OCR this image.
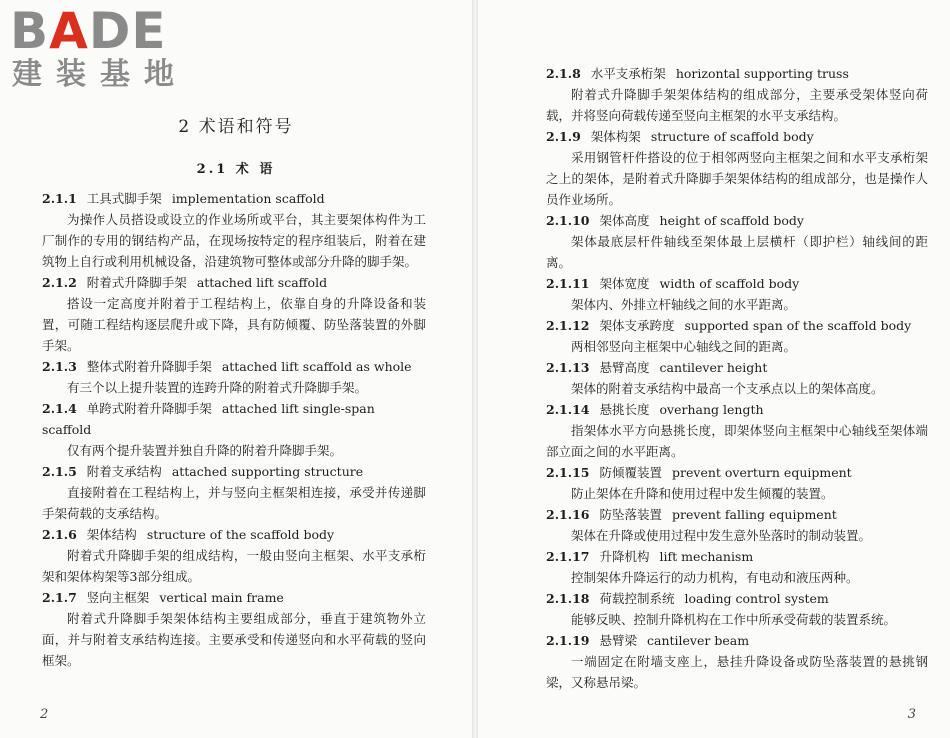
BADE
建装基地
2 术语和符号
2.1 术 语

2.1.1 工具式脚手架 implementation scaffold

为操作人员搭设或设立的作业场所或平台，其主要架体构件为工厂制作的专用的钢结构产品，在现场按特定的程序组装后，附着在建筑物上自行或利用机械设备，沿建筑物可整体或部分升降的脚手架。

2.1.2 附着式升降脚手架 attached lift scaffold

搭设一定高度并附着于工程结构上，依靠自身的升降设备和装置，可随工程结构逐层爬升或下降，具有防倾覆、防坠落装置的外脚手架。

2.1.3 整体式附着升降脚手架 attached lift scaffold as whole

有三个以上提升装置的连跨升降的附着式升降脚手架。

2.1.4 单跨式附着升降脚手架 attached lift single-span scaffold

仅有两个提升装置并独自升降的附着升降脚手架。

2.1.5 附着支承结构 attached supporting structure

直接附着在工程结构上，并与竖向主框架相连接，承受并传递脚手架荷载的支承结构。

2.1.6 架体结构 structure of the scaffold body

附着式升降脚手架的组成结构，一般由竖向主框架、水平支承桁架和架体构架等3部分组成。

2.1.7 竖向主框架 vertical main frame

附着式升降脚手架架体结构主要组成部分，垂直于建筑物外立面，并与附着支承结构连接。主要承受和传递竖向和水平荷载的竖向框架。

2

2.1.8 水平支承桁架 horizontal supporting truss

附着式升降脚手架架体结构的组成部分，主要承受架体竖向荷载，并将竖向荷载传递至竖向主框架的水平支承结构。

2.1.9 架体构架 structure of scaffold body

采用钢管杆件搭设的位于相邻两竖向主框架之间和水平支承桁架之上的架体，是附着式升降脚手架架体结构的组成部分，也是操作人员作业场所。

2.1.10 架体高度 height of scaffold body

架体最底层杆件轴线至架体最上层横杆（即护栏）轴线间的距离。

2.1.11 架体宽度 width of scaffold body

架体内、外排立杆轴线之间的水平距离。

2.1.12 架体支承跨度 supported span of the scaffold body

两相邻竖向主框架中心轴线之间的距离。

2.1.13 悬臂高度 cantilever height

架体的附着支承结构中最高一个支承点以上的架体高度。

2.1.14 悬挑长度 overhang length

指架体水平方向悬挑长度，即架体竖向主框架中心轴线至架体端部立面之间的水平距离。

2.1.15 防倾覆装置 prevent overturn equipment

防止架体在升降和使用过程中发生倾覆的装置。

2.1.16 防坠落装置 prevent falling equipment

架体在升降或使用过程中发生意外坠落时的制动装置。

2.1.17 升降机构 lift mechanism

控制架体升降运行的动力机构，有电动和液压两种。

2.1.18 荷载控制系统 loading control system

能够反映、控制升降机构在工作中所承受荷载的装置系统。

2.1.19 悬臂梁 cantilever beam

一端固定在附墙支座上，悬挂升降设备或防坠落装置的悬挑钢梁，又称悬吊梁。

3
